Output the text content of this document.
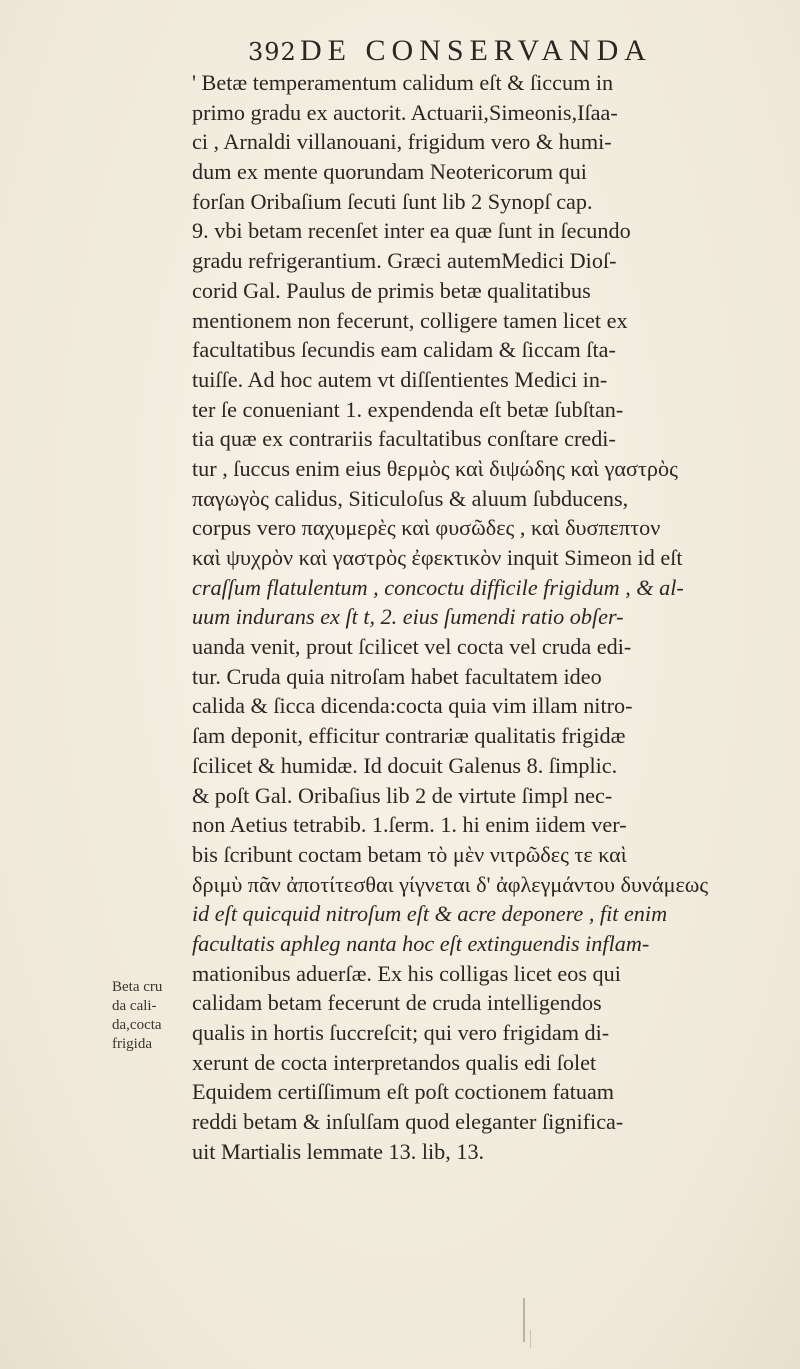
392 DE CONSERVANDA
Beta cru
da cali-
da,cocta
frigida
' Betæ temperamentum calidum eſt & ſiccum in
primo gradu ex auctorit. Actuarii,Simeonis,Iſaa-
ci , Arnaldi villanouani, frigidum vero & humi-
dum ex mente quorundam Neotericorum qui
forſan Oribaſium ſecuti ſunt lib 2 Synopſ cap.
9. vbi betam recenſet inter ea quæ ſunt in ſecundo
gradu refrigerantium. Græci autemMedici Dioſ-
corid Gal. Paulus de primis betæ qualitatibus
mentionem non fecerunt, colligere tamen licet ex
facultatibus ſecundis eam calidam & ſiccam ſta-
tuiſſe. Ad hoc autem vt diſſentientes Medici in-
ter ſe conueniant 1. expendenda eſt betæ ſubſtan-
tia quæ ex contrariis facultatibus conſtare credi-
tur , ſuccus enim eius θερμὸς καὶ διψώδης καὶ γαστρὸς
παγωγὸς calidus, Siticuloſus & aluum ſubducens,
corpus vero παχυμερὲς καὶ φυσῶδες , καὶ δυσπεπτον
καὶ ψυχρὸν καὶ γαστρὸς ἐφεκτικὸν inquit Simeon id eſt
craſſum flatulentum , concoctu difficile frigidum , & al-
uum indurans ex ſt t, 2. eius ſumendi ratio obſer-
uanda venit, prout ſcilicet vel cocta vel cruda edi-
tur. Cruda quia nitroſam habet facultatem ideo
calida & ſicca dicenda:cocta quia vim illam nitro-
ſam deponit, efficitur contrariæ qualitatis frigidæ
ſcilicet & humidæ. Id docuit Galenus 8. ſimplic.
& poſt Gal. Oribaſius lib 2 de virtute ſimpl nec-
non Aetius tetrabib. 1.ſerm. 1. hi enim iidem ver-
bis ſcribunt coctam betam τὸ μὲν νιτρῶδες τε καὶ
δριμὺ πᾶν ἀποτίτεσθαι γίγνεται δ' ἀφλεγμάντου δυνάμεως
id eſt quicquid nitroſum eſt & acre deponere , fit enim
facultatis aphleg nanta hoc eſt extinguendis inflam-
mationibus aduerſæ. Ex his colligas licet eos qui
calidam betam fecerunt de cruda intelligendos
qualis in hortis ſuccreſcit; qui vero frigidam di-
xerunt de cocta interpretandos qualis edi ſolet
Equidem certiſſimum eſt poſt coctionem fatuam
reddi betam & inſulſam quod eleganter ſignifica-
uit Martialis lemmate 13. lib, 13.
